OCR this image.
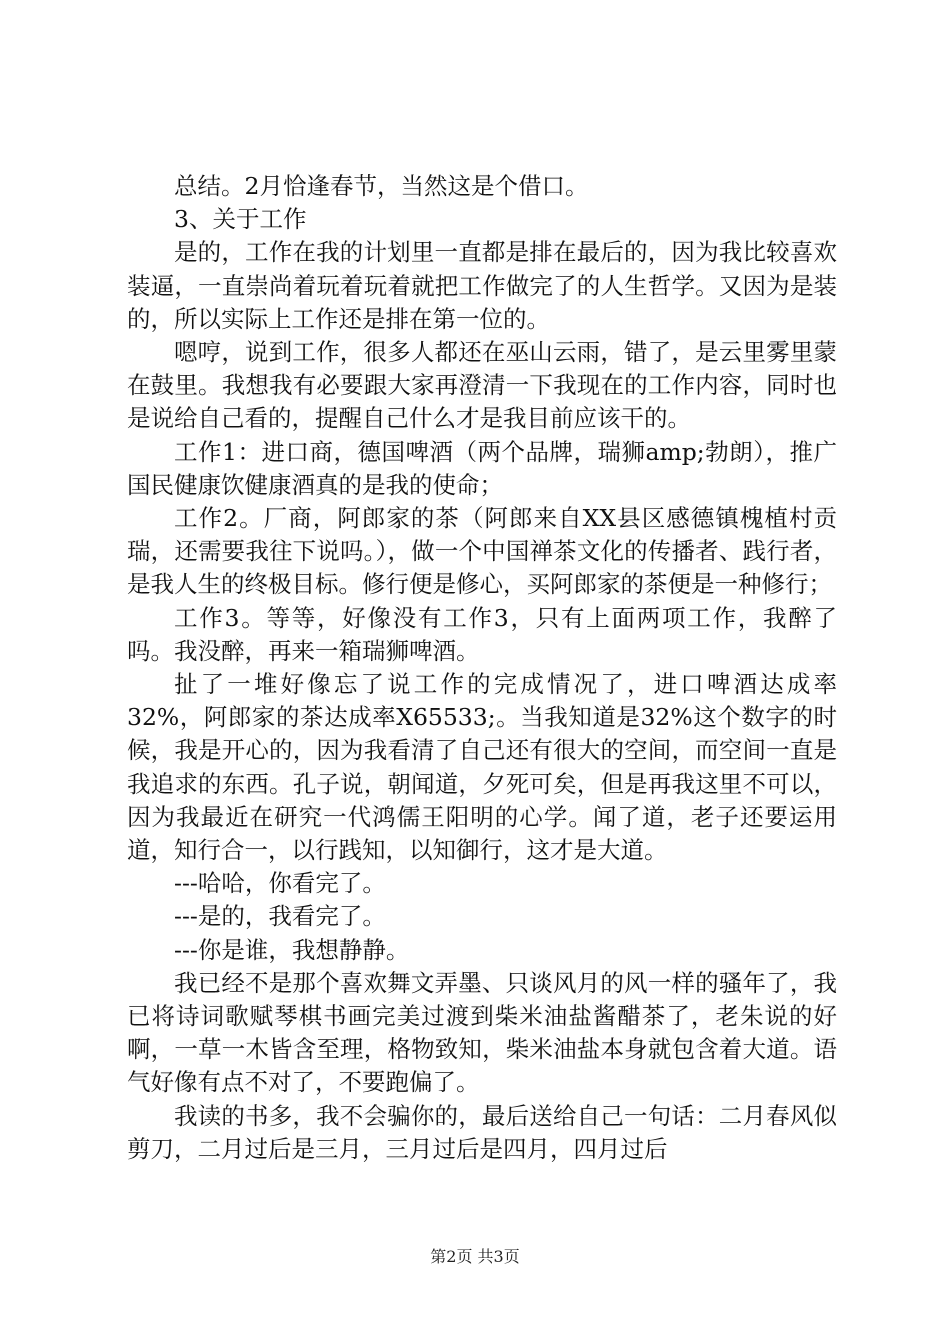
总结。2月恰逢春节，当然这是个借口。

3、关于工作

是的，工作在我的计划里一直都是排在最后的，因为我比较喜欢装逼，一直崇尚着玩着玩着就把工作做完了的人生哲学。又因为是装的，所以实际上工作还是排在第一位的。

嗯哼，说到工作，很多人都还在巫山云雨，错了，是云里雾里蒙在鼓里。我想我有必要跟大家再澄清一下我现在的工作内容，同时也是说给自己看的，提醒自己什么才是我目前应该干的。

工作1：进口商，德国啤酒（两个品牌，瑞狮amp;勃朗），推广国民健康饮健康酒真的是我的使命；

工作2。厂商，阿郎家的茶（阿郎来自XX县区感德镇槐植村贡瑞，还需要我往下说吗。），做一个中国禅茶文化的传播者、践行者，是我人生的终极目标。修行便是修心，买阿郎家的茶便是一种修行；

工作3。等等，好像没有工作3，只有上面两项工作，我醉了吗。我没醉，再来一箱瑞狮啤酒。

扯了一堆好像忘了说工作的完成情况了，进口啤酒达成率32%，阿郎家的茶达成率X65533;。当我知道是32%这个数字的时候，我是开心的，因为我看清了自己还有很大的空间，而空间一直是我追求的东西。孔子说，朝闻道，夕死可矣，但是再我这里不可以，因为我最近在研究一代鸿儒王阳明的心学。闻了道，老子还要运用道，知行合一，以行践知，以知御行，这才是大道。

---哈哈，你看完了。

---是的，我看完了。

---你是谁，我想静静。

我已经不是那个喜欢舞文弄墨、只谈风月的风一样的骚年了，我已将诗词歌赋琴棋书画完美过渡到柴米油盐酱醋茶了，老朱说的好啊，一草一木皆含至理，格物致知，柴米油盐本身就包含着大道。语气好像有点不对了，不要跑偏了。

我读的书多，我不会骗你的，最后送给自己一句话：二月春风似剪刀，二月过后是三月，三月过后是四月，四月过后

第2页 共3页
